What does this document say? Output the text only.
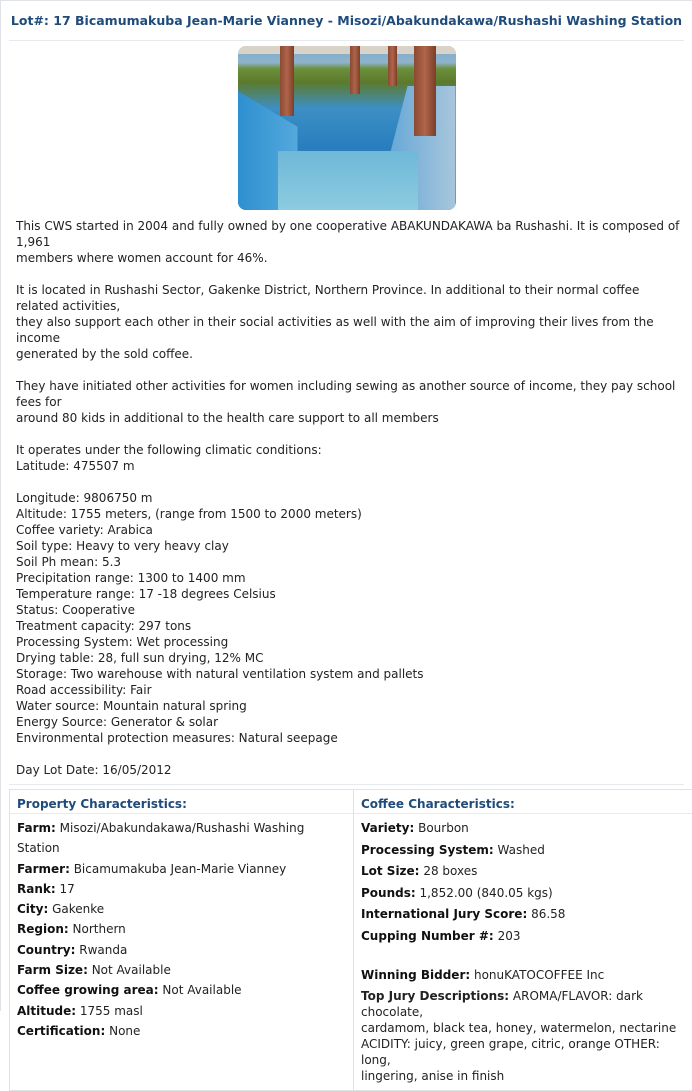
Lot#: 17 Bicamumakuba Jean-Marie Vianney - Misozi/Abakundakawa/Rushashi Washing Station

This CWS started in 2004 and fully owned by one cooperative ABAKUNDAKAWA ba Rushashi. It is composed of 1,961
members where women account for 46%.

It is located in Rushashi Sector, Gakenke District, Northern Province. In additional to their normal coffee related activities,
they also support each other in their social activities as well with the aim of improving their lives from the income
generated by the sold coffee.

They have initiated other activities for women including sewing as another source of income, they pay school fees for
around 80 kids in additional to the health care support to all members

It operates under the following climatic conditions:
Latitude: 475507 m

Longitude: 9806750 m
Altitude: 1755 meters, (range from 1500 to 2000 meters)
Coffee variety: Arabica
Soil type: Heavy to very heavy clay
Soil Ph mean: 5.3
Precipitation range: 1300 to 1400 mm
Temperature range: 17 -18 degrees Celsius
Status: Cooperative
Treatment capacity: 297 tons
Processing System: Wet processing
Drying table: 28, full sun drying, 12% MC
Storage: Two warehouse with natural ventilation system and pallets
Road accessibility: Fair
Water source: Mountain natural spring
Energy Source: Generator & solar
Environmental protection measures: Natural seepage

Day Lot Date: 16/05/2012

Property Characteristics:
Farm: Misozi/Abakundakawa/Rushashi Washing Station
Farmer: Bicamumakuba Jean-Marie Vianney
Rank: 17
City: Gakenke
Region: Northern
Country: Rwanda
Farm Size: Not Available
Coffee growing area: Not Available
Altitude: 1755 masl
Certification: None
Coffee Characteristics:
Variety: Bourbon
Processing System: Washed
Lot Size: 28 boxes
Pounds: 1,852.00 (840.05 kgs)
International Jury Score: 86.58
Cupping Number #: 203
Winning Bidder: honuKATOCOFFEE Inc
Top Jury Descriptions: AROMA/FLAVOR: dark chocolate,
cardamom, black tea, honey, watermelon, nectarine
ACIDITY: juicy, green grape, citric, orange OTHER: long,
lingering, anise in finish
